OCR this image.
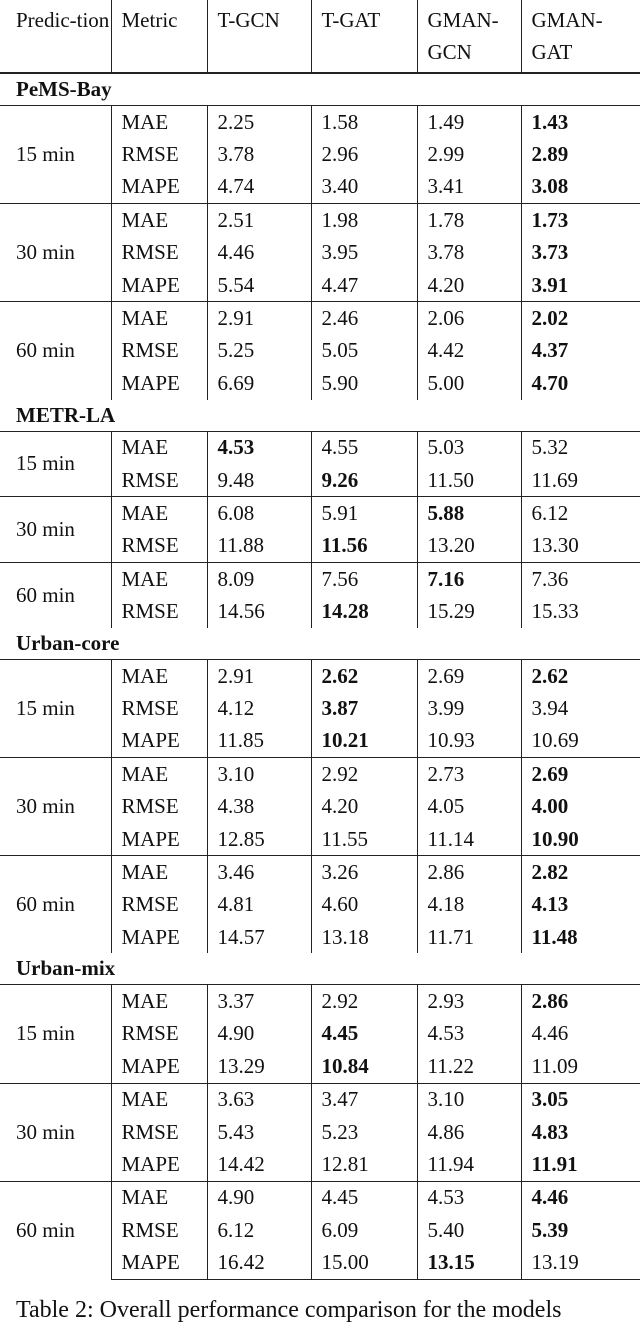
Predic-tion	Metric	T-GCN	T-GAT	GMAN-GCN	GMAN-GAT
PeMS-Bay					
15 min	MAE	2.25	1.58	1.49	1.43
	RMSE	3.78	2.96	2.99	2.89
	MAPE	4.74	3.40	3.41	3.08
30 min	MAE	2.51	1.98	1.78	1.73
	RMSE	4.46	3.95	3.78	3.73
	MAPE	5.54	4.47	4.20	3.91
60 min	MAE	2.91	2.46	2.06	2.02
	RMSE	5.25	5.05	4.42	4.37
	MAPE	6.69	5.90	5.00	4.70
METR-LA					
15 min	MAE	4.53	4.55	5.03	5.32
	RMSE	9.48	9.26	11.50	11.69
30 min	MAE	6.08	5.91	5.88	6.12
	RMSE	11.88	11.56	13.20	13.30
60 min	MAE	8.09	7.56	7.16	7.36
	RMSE	14.56	14.28	15.29	15.33
Urban-core					
15 min	MAE	2.91	2.62	2.69	2.62
	RMSE	4.12	3.87	3.99	3.94
	MAPE	11.85	10.21	10.93	10.69
30 min	MAE	3.10	2.92	2.73	2.69
	RMSE	4.38	4.20	4.05	4.00
	MAPE	12.85	11.55	11.14	10.90
60 min	MAE	3.46	3.26	2.86	2.82
	RMSE	4.81	4.60	4.18	4.13
	MAPE	14.57	13.18	11.71	11.48
Urban-mix					
15 min	MAE	3.37	2.92	2.93	2.86
	RMSE	4.90	4.45	4.53	4.46
	MAPE	13.29	10.84	11.22	11.09
30 min	MAE	3.63	3.47	3.10	3.05
	RMSE	5.43	5.23	4.86	4.83
	MAPE	14.42	12.81	11.94	11.91
60 min	MAE	4.90	4.45	4.53	4.46
	RMSE	6.12	6.09	5.40	5.39
	MAPE	16.42	15.00	13.15	13.19
Table 2: Overall performance comparison for the models
